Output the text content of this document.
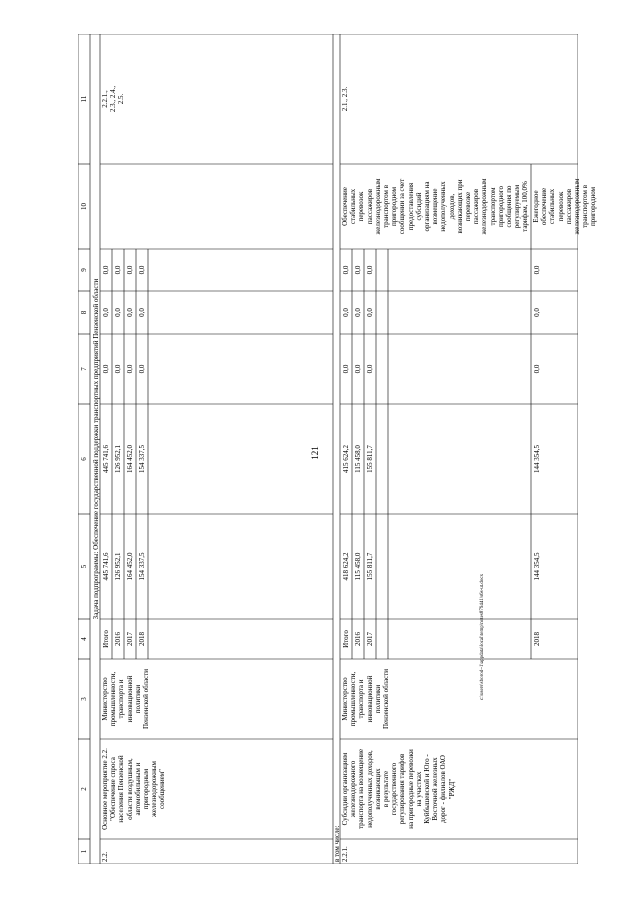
121
c:\users\sborod~1\appdata\local\temp\notes879441\s6s-ut.docx
1
2
3
4
5
6
7
8
9
10
11
Задача подпрограммы: Обеспечение государственной поддержки транспортных предприятий Пензенской области
в том числе:
2.2.
Основное мероприятие 2.2. "Обеспечение спроса населения Пензенской области воздушным, автомобильным и пригородным железнодорожным сообщением"
Министерство промышленности, транспорта и инновационной политики Пензенской области
Итого
445 741,6
445 741,6
0,0
0,0
0,0
2016
126 952,1
126 952,1
0,0
0,0
0,0
2017
164 452,0
164 452,0
0,0
0,0
0,0
2018
154 337,5
154 337,5
0,0
0,0
0,0
2.2.1., 2.3., 2.4., 2.5.
2.2.1.
Субсидии организациям железнодорожного транспорта на возмещение недополученных доходов, возникающих в результате государственного регулирования тарифов на пригородные перевозки на участках Куйбышевской и Юго - Восточной железных дорог - филиалов ОАО "РЖД"
Министерство промышленности, транспорта и инновационной политики Пензенской области
Итого
418 624,2
415 624,2
0,0
0,0
0,0
2016
115 458,0
115 458,0
0,0
0,0
0,0
2017
155 811,7
155 811,7
0,0
0,0
0,0
Обеспечение стабильных перевозок пассажиров железнодорожным транспортом в пригородном сообщении за счет предоставления субсидий организациям на возмещение недополученных доходов, возникающих при перевозке пассажиров железнодорожным транспортом пригородного сообщения по регулируемым тарифам, 100,0%
2.1., 2.3.
2018
144 354,5
144 354,5
0,0
0,0
0,0
Ежегодное обеспечение стабильных перевозок пассажиров железнодорожным транспортом в пригородном
